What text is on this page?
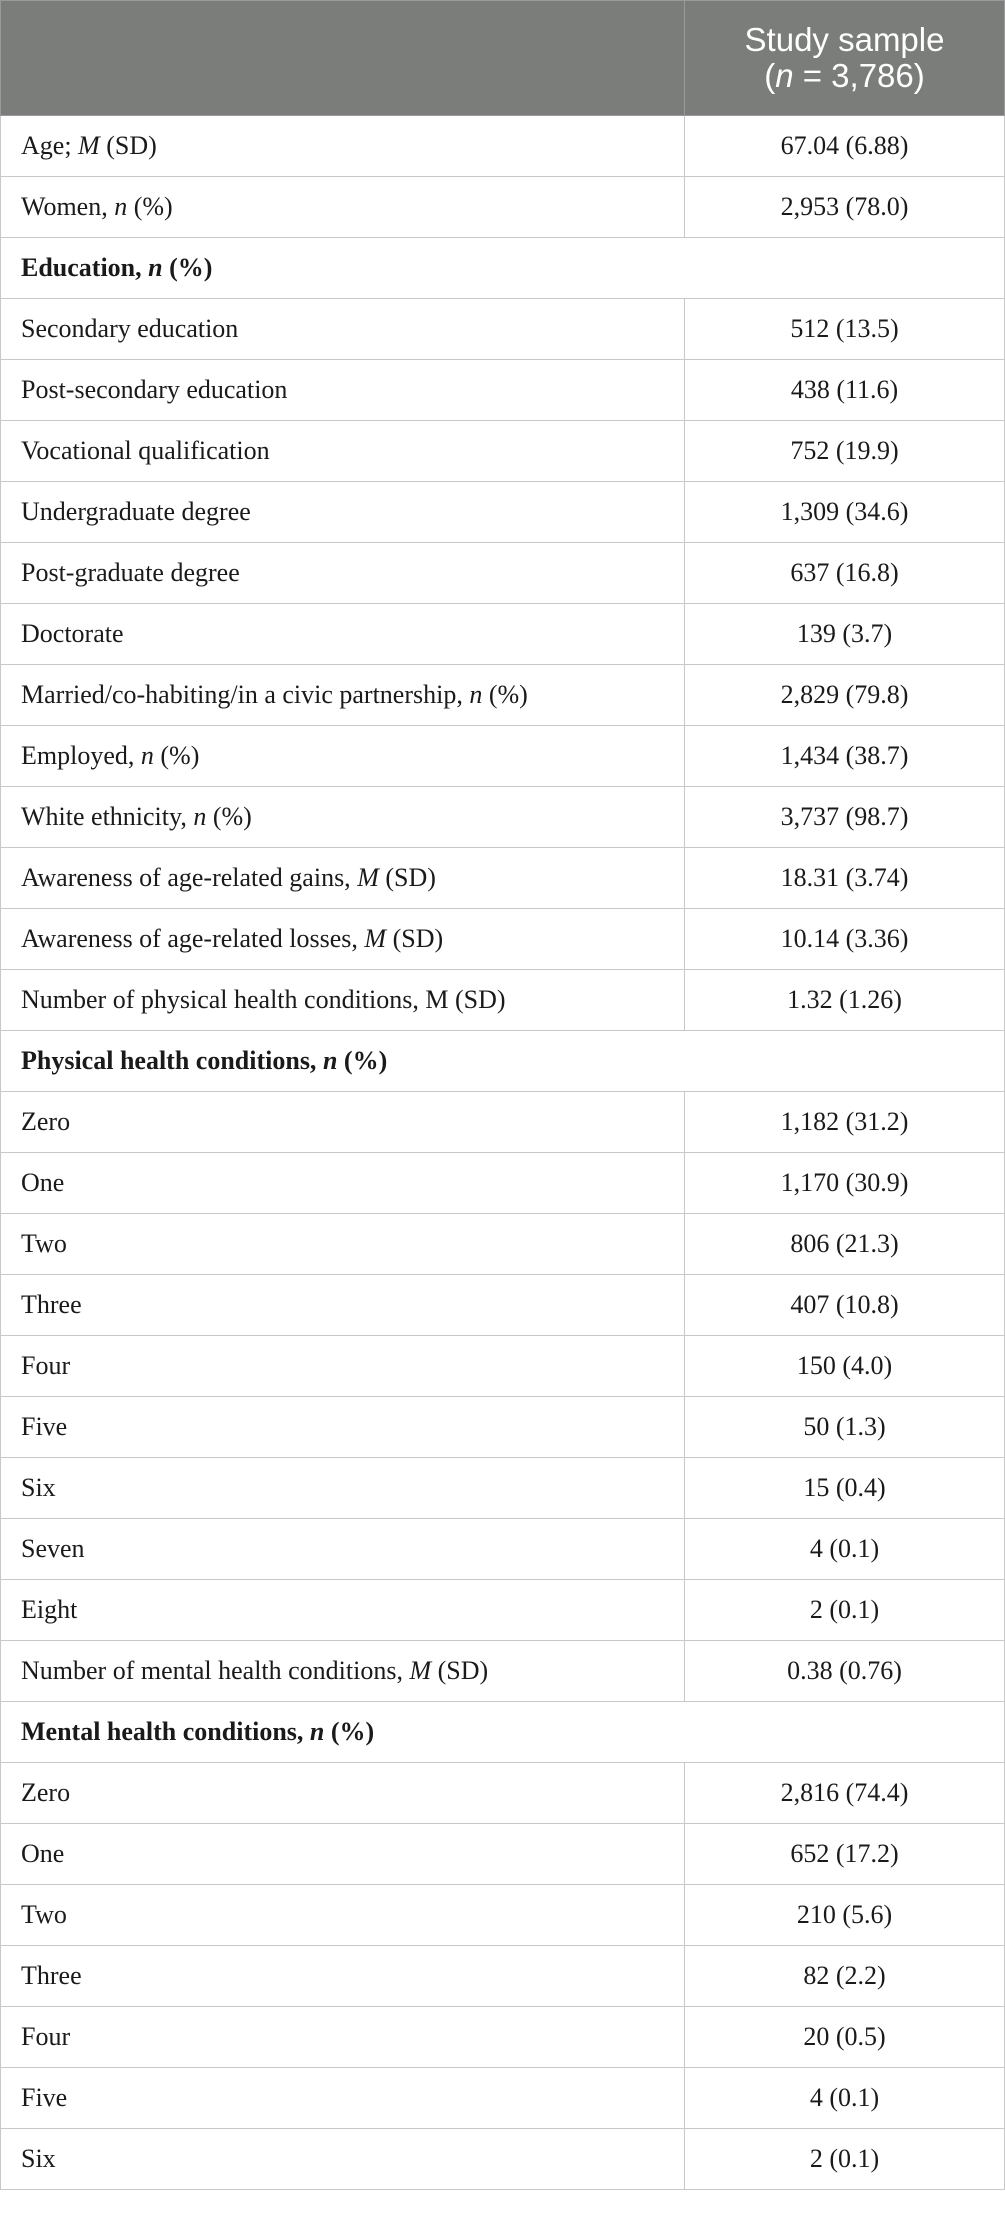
	Study sample
(n = 3,786)
Age; M (SD)	67.04 (6.88)
Women, n (%)	2,953 (78.0)
Education, n (%)	
Secondary education	512 (13.5)
Post-secondary education	438 (11.6)
Vocational qualification	752 (19.9)
Undergraduate degree	1,309 (34.6)
Post-graduate degree	637 (16.8)
Doctorate	139 (3.7)
Married/co-habiting/in a civic partnership, n (%)	2,829 (79.8)
Employed, n (%)	1,434 (38.7)
White ethnicity, n (%)	3,737 (98.7)
Awareness of age-related gains, M (SD)	18.31 (3.74)
Awareness of age-related losses, M (SD)	10.14 (3.36)
Number of physical health conditions, M (SD)	1.32 (1.26)
Physical health conditions, n (%)	
Zero	1,182 (31.2)
One	1,170 (30.9)
Two	806 (21.3)
Three	407 (10.8)
Four	150 (4.0)
Five	50 (1.3)
Six	15 (0.4)
Seven	4 (0.1)
Eight	2 (0.1)
Number of mental health conditions, M (SD)	0.38 (0.76)
Mental health conditions, n (%)	
Zero	2,816 (74.4)
One	652 (17.2)
Two	210 (5.6)
Three	82 (2.2)
Four	20 (0.5)
Five	4 (0.1)
Six	2 (0.1)
